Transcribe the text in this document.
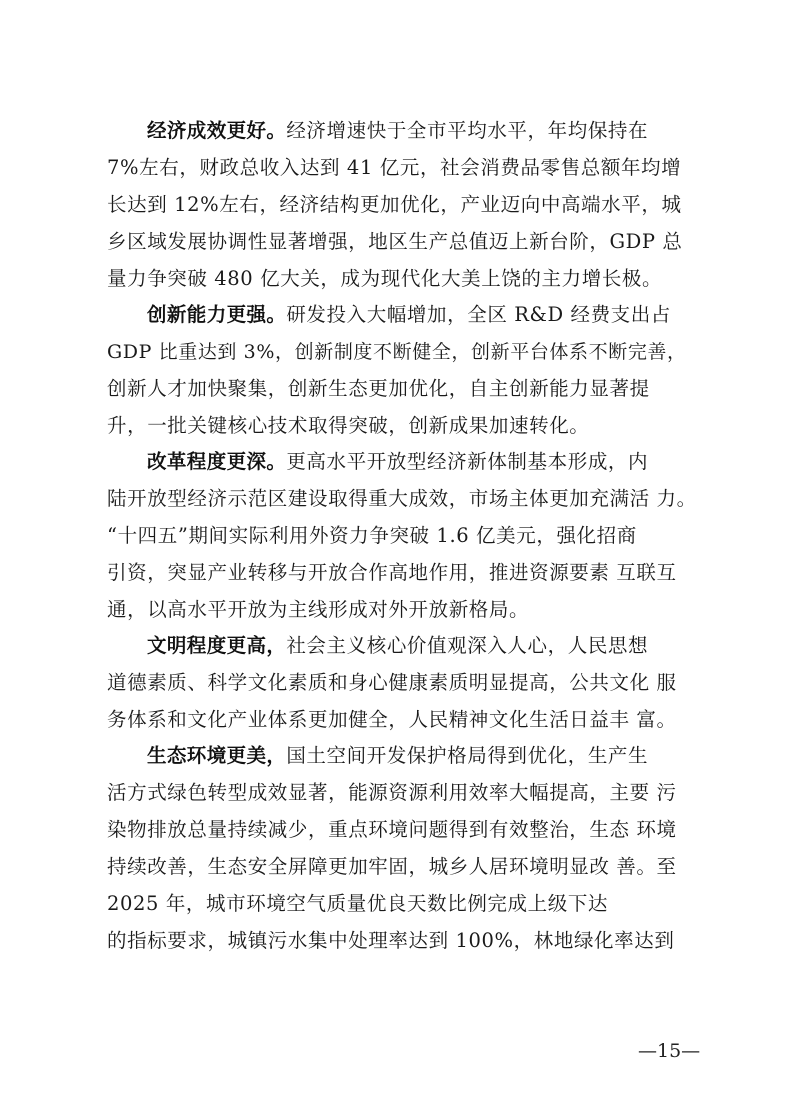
经济成效更好。经济增速快于全市平均水平，年均保持在
7%左右，财政总收入达到 41 亿元，社会消费品零售总额年均增
长达到 12%左右，经济结构更加优化，产业迈向中高端水平，城
乡区域发展协调性显著增强，地区生产总值迈上新台阶，GDP 总
量力争突破 480 亿大关，成为现代化大美上饶的主力增长极。
创新能力更强。研发投入大幅增加，全区 R&D 经费支出占
GDP 比重达到 3%，创新制度不断健全，创新平台体系不断完善，
创新人才加快聚集，创新生态更加优化，自主创新能力显著提
升，一批关键核心技术取得突破，创新成果加速转化。
改革程度更深。更高水平开放型经济新体制基本形成，内
陆开放型经济示范区建设取得重大成效，市场主体更加充满活 力。
“十四五”期间实际利用外资力争突破 1.6 亿美元，强化招商
引资，突显产业转移与开放合作高地作用，推进资源要素 互联互
通，以高水平开放为主线形成对外开放新格局。
文明程度更高，社会主义核心价值观深入人心，人民思想
道德素质、科学文化素质和身心健康素质明显提高，公共文化 服
务体系和文化产业体系更加健全，人民精神文化生活日益丰 富。
生态环境更美，国土空间开发保护格局得到优化，生产生
活方式绿色转型成效显著，能源资源利用效率大幅提高，主要 污
染物排放总量持续减少，重点环境问题得到有效整治，生态 环境
持续改善，生态安全屏障更加牢固，城乡人居环境明显改 善。至
2025 年，城市环境空气质量优良天数比例完成上级下达
的指标要求，城镇污水集中处理率达到 100%，林地绿化率达到
—15—
